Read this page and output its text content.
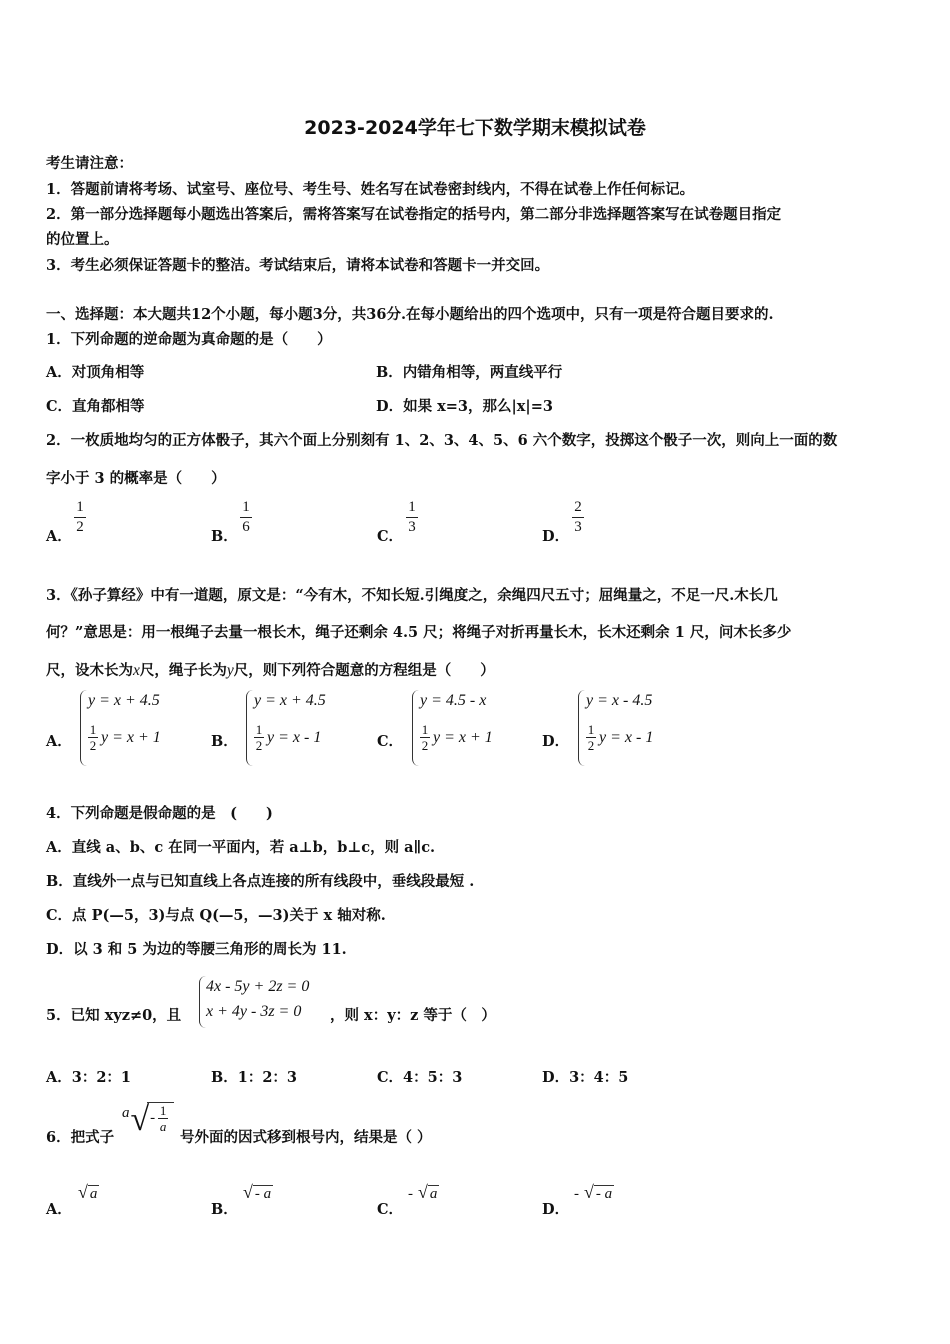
2023-2024学年七下数学期末模拟试卷
考生请注意：
1．答题前请将考场、试室号、座位号、考生号、姓名写在试卷密封线内，不得在试卷上作任何标记。
2．第一部分选择题每小题选出答案后，需将答案写在试卷指定的括号内，第二部分非选择题答案写在试卷题目指定
的位置上。
3．考生必须保证答题卡的整洁。考试结束后，请将本试卷和答题卡一并交回。
一、选择题：本大题共12个小题，每小题3分，共36分.在每小题给出的四个选项中，只有一项是符合题目要求的.
1．下列命题的逆命题为真命题的是（　　）
A．对顶角相等	B．内错角相等，两直线平行
C．直角都相等	D．如果 x=3，那么|x|=3
2．一枚质地均匀的正方体骰子，其六个面上分别刻有 1、2、3、4、5、6 六个数字，投掷这个骰子一次，则向上一面的数
字小于 3 的概率是（　　）
A．
1
2
B．
1
6
C．
1
3
D．
2
3
3．《孙子算经》中有一道题，原文是：“今有木，不知长短.引绳度之，余绳四尺五寸；屈绳量之，不足一尺.木长几
何？”意思是：用一根绳子去量一根长木，绳子还剩余 4.5 尺；将绳子对折再量长木，长木还剩余 1 尺，问木长多少
尺，设木长为x尺，绳子长为y尺，则下列符合题意的方程组是（　　）
A．
y = x + 4.5
1
2 y = x + 1	B．
y = x + 4.5
1
2 y = x - 1	C．
y = 4.5 - x
1
2 y = x + 1	D．
y = x - 4.5
1
2 y = x - 1
4．下列命题是假命题的是　(　　)
A．直线 a、b、c 在同一平面内，若 a⊥b，b⊥c，则 a∥c.
B．直线外一点与已知直线上各点连接的所有线段中，垂线段最短 .
C．点 P(—5，3)与点 Q(—5，—3)关于 x 轴对称.
D．以 3 和 5 为边的等腰三角形的周长为 11.
5．已知 xyz≠0，且
4x - 5y + 2z = 0
x + 4y - 3z = 0 ，则 x：y：z 等于（　）
A．3：2：1	B．1：2：3	C．4：5：3	D．3：4：5
6．把式子
a √ - 1
a
号外面的因式移到根号内，结果是（ ）
A．
√ a
B．
√ - a
C．
- √ a
D．
- √ - a
